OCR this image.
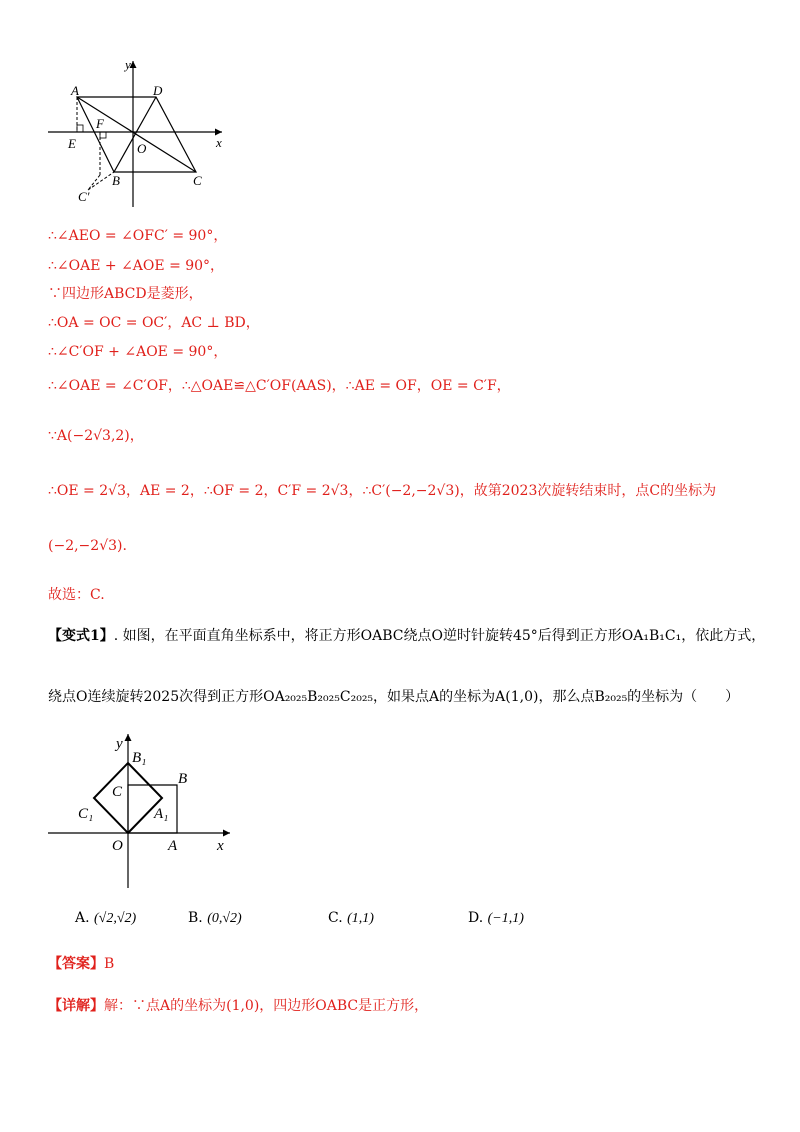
y
x
A	D
F
E	O
C
B
C′
∴∠AEO = ∠OFC′ = 90°，
∴∠OAE + ∠AOE = 90°，
∵四边形ABCD是菱形，
∴OA = OC = OC′，AC ⊥ BD，
∴∠C′OF + ∠AOE = 90°，
∴∠OAE = ∠C′OF，∴△OAE≌△C′OF(AAS)，∴AE = OF，OE = C′F，
∵A(−2√3,2)，
∴OE = 2√3，AE = 2，∴OF = 2，C′F = 2√3，∴C′(−2,−2√3)，故第2023次旋转结束时，点C的坐标为
(−2,−2√3).
故选：C.
【变式1】. 如图，在平面直角坐标系中，将正方形OABC绕点O逆时针旋转45°后得到正方形OA₁B₁C₁，依此方式，
绕点O连续旋转2025次得到正方形OA₂₀₂₅B₂₀₂₅C₂₀₂₅，如果点A的坐标为A(1,0)，那么点B₂₀₂₅的坐标为（　　）
y
x
B₁
B
C
C₁	A₁
O	A
A. (√2,√2)	B. (0,√2)	C. (1,1)	D. (−1,1)
【答案】B
【详解】解：∵点A的坐标为(1,0)，四边形OABC是正方形，
